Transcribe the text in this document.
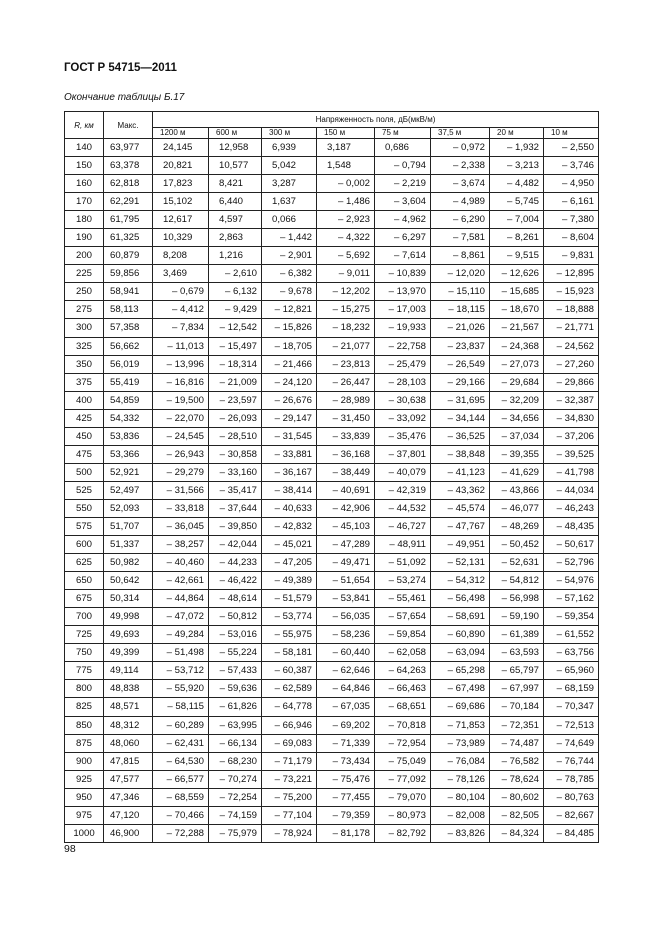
ГОСТ Р 54715—2011
Окончание таблицы Б.17
R, км	Макс.	Напряженность поля, дБ(мкВ/м)							
		1200 м	600 м	300 м	150 м	75 м	37,5 м	20 м	10 м
140	63,977	24,145	12,958	6,939	3,187	0,686	– 0,972	– 1,932	– 2,550
150	63,378	20,821	10,577	5,042	1,548	– 0,794	– 2,338	– 3,213	– 3,746
160	62,818	17,823	8,421	3,287	– 0,002	– 2,219	– 3,674	– 4,482	– 4,950
170	62,291	15,102	6,440	1,637	– 1,486	– 3,604	– 4,989	– 5,745	– 6,161
180	61,795	12,617	4,597	0,066	– 2,923	– 4,962	– 6,290	– 7,004	– 7,380
190	61,325	10,329	2,863	– 1,442	– 4,322	– 6,297	– 7,581	– 8,261	– 8,604
200	60,879	8,208	1,216	– 2,901	– 5,692	– 7,614	– 8,861	– 9,515	– 9,831
225	59,856	3,469	– 2,610	– 6,382	– 9,011	– 10,839	– 12,020	– 12,626	– 12,895
250	58,941	– 0,679	– 6,132	– 9,678	– 12,202	– 13,970	– 15,110	– 15,685	– 15,923
275	58,113	– 4,412	– 9,429	– 12,821	– 15,275	– 17,003	– 18,115	– 18,670	– 18,888
300	57,358	– 7,834	– 12,542	– 15,826	– 18,232	– 19,933	– 21,026	– 21,567	– 21,771
325	56,662	– 11,013	– 15,497	– 18,705	– 21,077	– 22,758	– 23,837	– 24,368	– 24,562
350	56,019	– 13,996	– 18,314	– 21,466	– 23,813	– 25,479	– 26,549	– 27,073	– 27,260
375	55,419	– 16,816	– 21,009	– 24,120	– 26,447	– 28,103	– 29,166	– 29,684	– 29,866
400	54,859	– 19,500	– 23,597	– 26,676	– 28,989	– 30,638	– 31,695	– 32,209	– 32,387
425	54,332	– 22,070	– 26,093	– 29,147	– 31,450	– 33,092	– 34,144	– 34,656	– 34,830
450	53,836	– 24,545	– 28,510	– 31,545	– 33,839	– 35,476	– 36,525	– 37,034	– 37,206
475	53,366	– 26,943	– 30,858	– 33,881	– 36,168	– 37,801	– 38,848	– 39,355	– 39,525
500	52,921	– 29,279	– 33,160	– 36,167	– 38,449	– 40,079	– 41,123	– 41,629	– 41,798
525	52,497	– 31,566	– 35,417	– 38,414	– 40,691	– 42,319	– 43,362	– 43,866	– 44,034
550	52,093	– 33,818	– 37,644	– 40,633	– 42,906	– 44,532	– 45,574	– 46,077	– 46,243
575	51,707	– 36,045	– 39,850	– 42,832	– 45,103	– 46,727	– 47,767	– 48,269	– 48,435
600	51,337	– 38,257	– 42,044	– 45,021	– 47,289	– 48,911	– 49,951	– 50,452	– 50,617
625	50,982	– 40,460	– 44,233	– 47,205	– 49,471	– 51,092	– 52,131	– 52,631	– 52,796
650	50,642	– 42,661	– 46,422	– 49,389	– 51,654	– 53,274	– 54,312	– 54,812	– 54,976
675	50,314	– 44,864	– 48,614	– 51,579	– 53,841	– 55,461	– 56,498	– 56,998	– 57,162
700	49,998	– 47,072	– 50,812	– 53,774	– 56,035	– 57,654	– 58,691	– 59,190	– 59,354
725	49,693	– 49,284	– 53,016	– 55,975	– 58,236	– 59,854	– 60,890	– 61,389	– 61,552
750	49,399	– 51,498	– 55,224	– 58,181	– 60,440	– 62,058	– 63,094	– 63,593	– 63,756
775	49,114	– 53,712	– 57,433	– 60,387	– 62,646	– 64,263	– 65,298	– 65,797	– 65,960
800	48,838	– 55,920	– 59,636	– 62,589	– 64,846	– 66,463	– 67,498	– 67,997	– 68,159
825	48,571	– 58,115	– 61,826	– 64,778	– 67,035	– 68,651	– 69,686	– 70,184	– 70,347
850	48,312	– 60,289	– 63,995	– 66,946	– 69,202	– 70,818	– 71,853	– 72,351	– 72,513
875	48,060	– 62,431	– 66,134	– 69,083	– 71,339	– 72,954	– 73,989	– 74,487	– 74,649
900	47,815	– 64,530	– 68,230	– 71,179	– 73,434	– 75,049	– 76,084	– 76,582	– 76,744
925	47,577	– 66,577	– 70,274	– 73,221	– 75,476	– 77,092	– 78,126	– 78,624	– 78,785
950	47,346	– 68,559	– 72,254	– 75,200	– 77,455	– 79,070	– 80,104	– 80,602	– 80,763
975	47,120	– 70,466	– 74,159	– 77,104	– 79,359	– 80,973	– 82,008	– 82,505	– 82,667
1000	46,900	– 72,288	– 75,979	– 78,924	– 81,178	– 82,792	– 83,826	– 84,324	– 84,485
98
